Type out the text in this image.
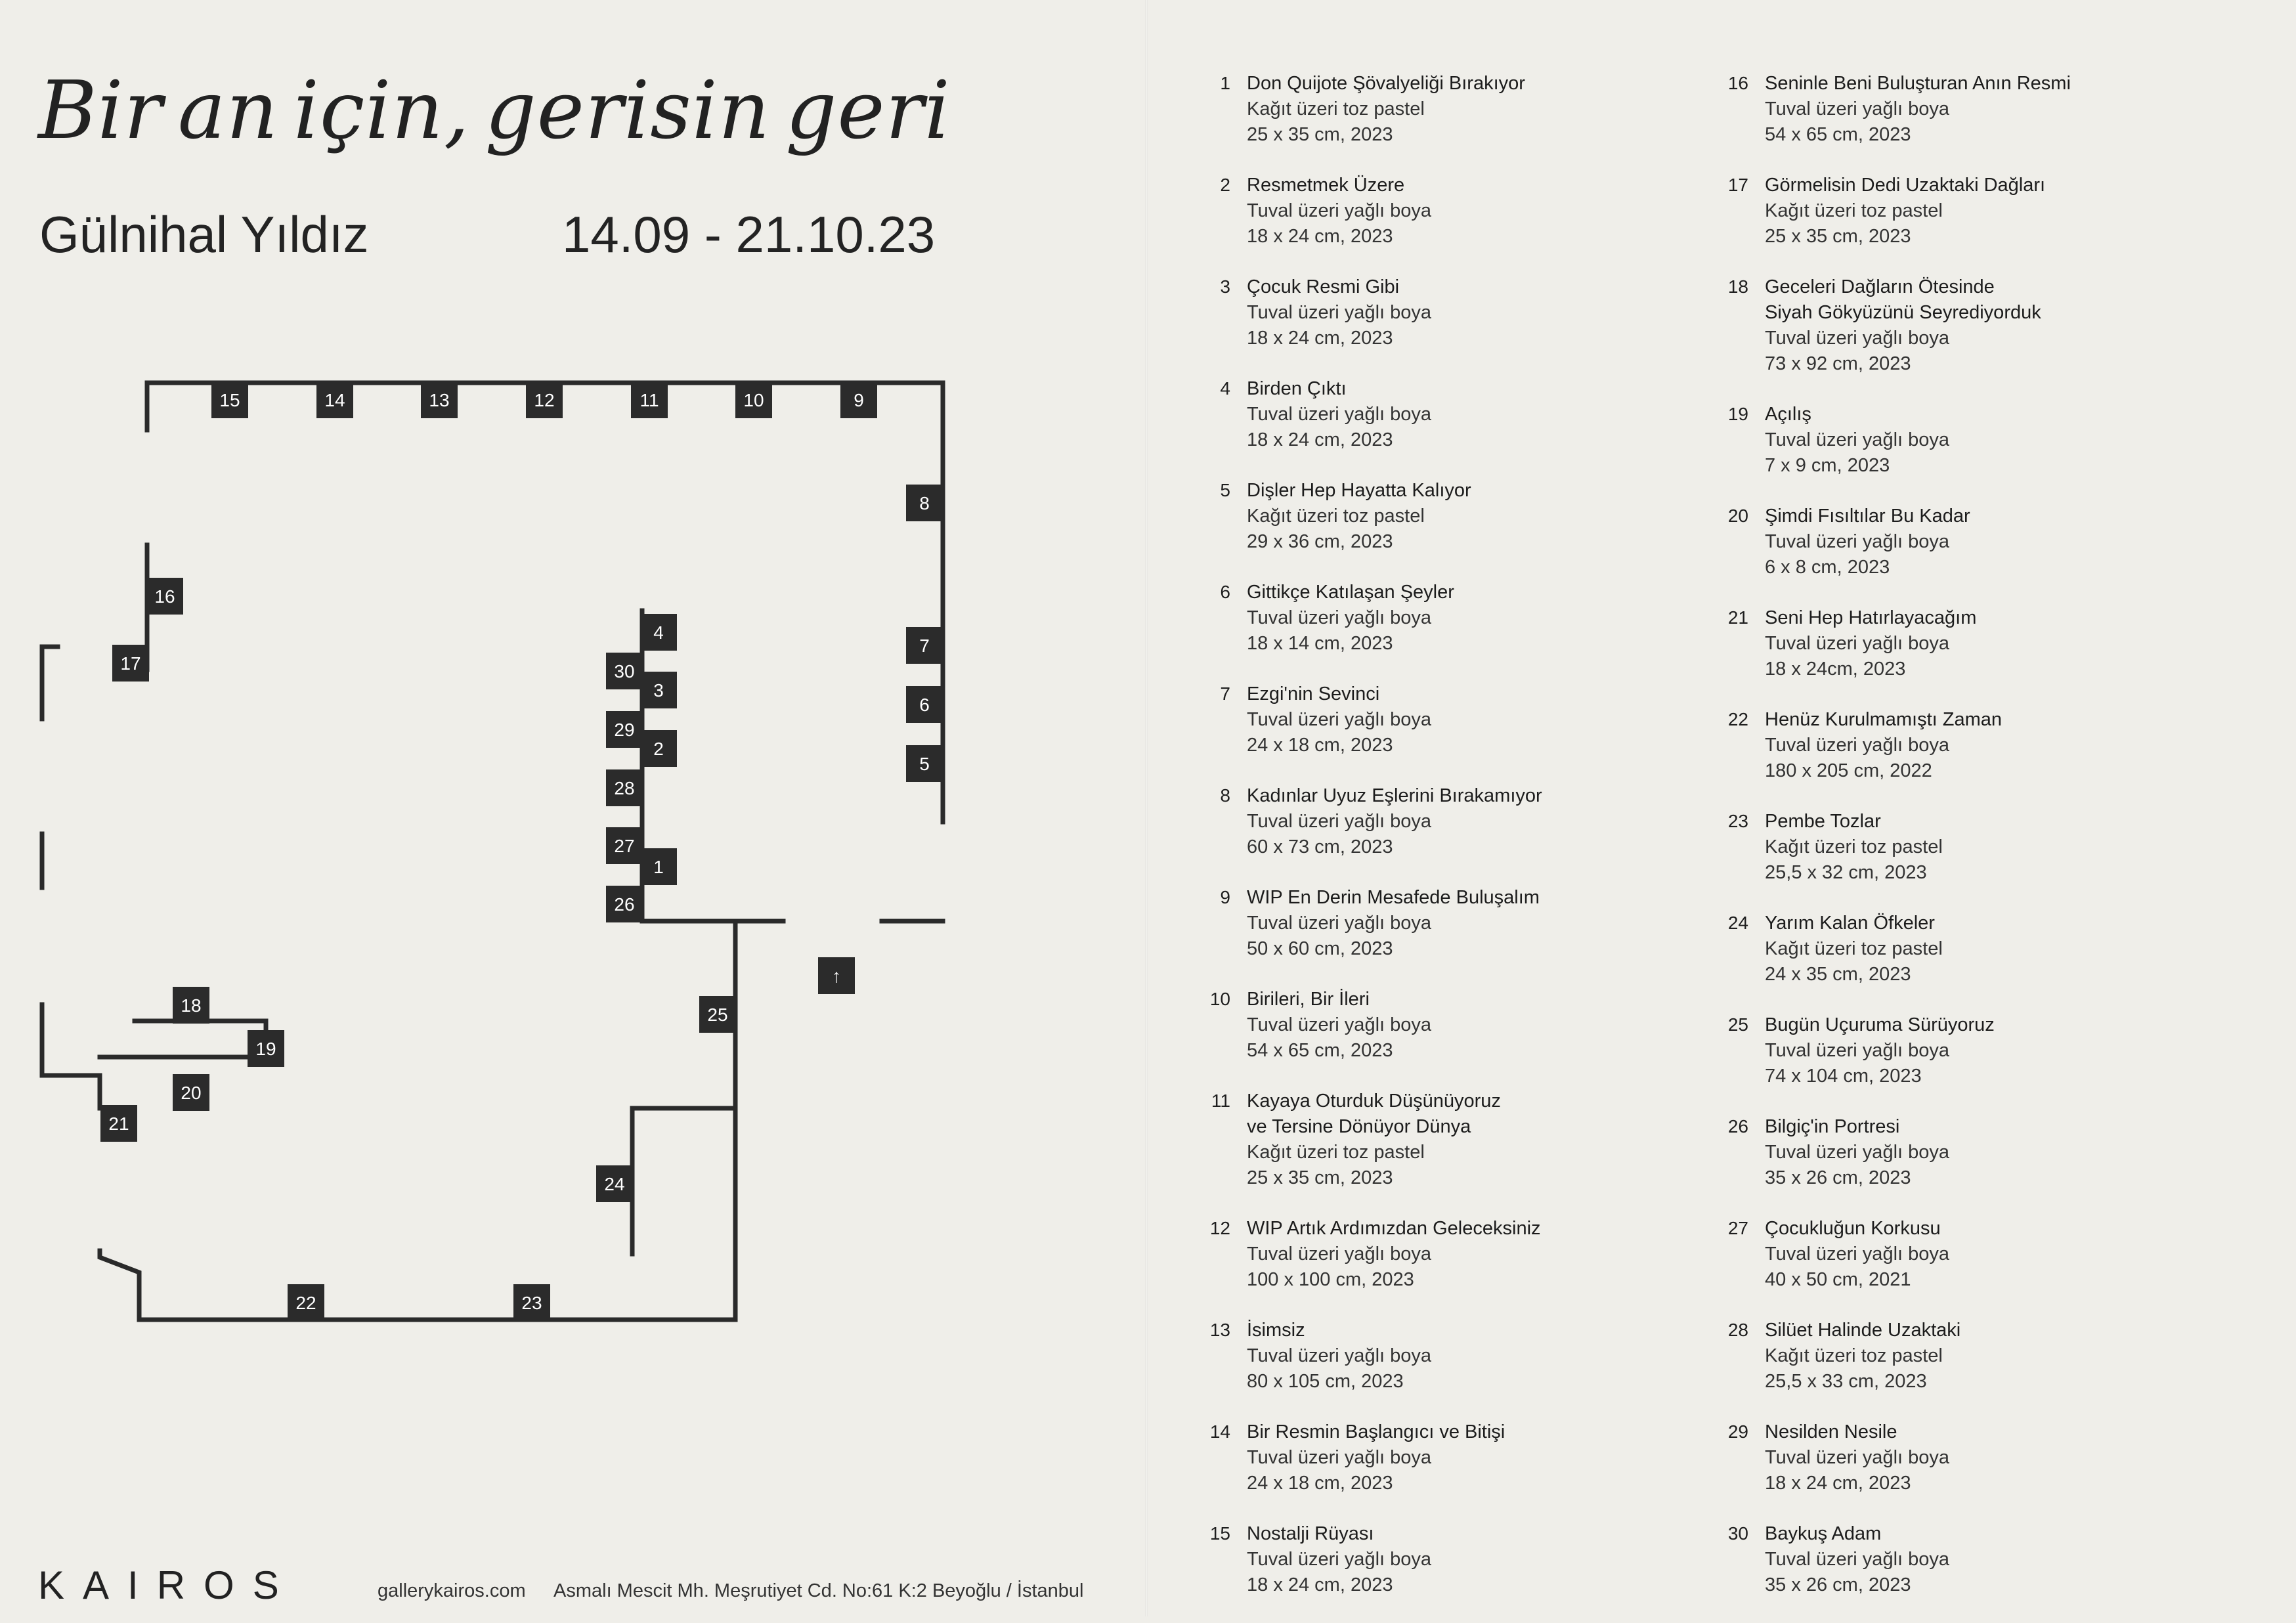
Bir an için, gerisin geri
Gülnihal Yıldız	14.09 - 21.10.23
1
2
3
4
5
6
7
8
9
10
11
12
13
14
15
16
17
18
19
20
21
22	23
24
25
26
27
28
29
30
↑
KAIROS	gallerykairos.com Asmalı Mescit Mh. Meşrutiyet Cd. No:61 K:2 Beyoğlu / İstanbul
1 Don Quijote Şövalyeliği Bırakıyor
Kağıt üzeri toz pastel
25 x 35 cm, 2023
2 Resmetmek Üzere
Tuval üzeri yağlı boya
18 x 24 cm, 2023
3 Çocuk Resmi Gibi
Tuval üzeri yağlı boya
18 x 24 cm, 2023
4 Birden Çıktı
Tuval üzeri yağlı boya
18 x 24 cm, 2023
5 Dişler Hep Hayatta Kalıyor
Kağıt üzeri toz pastel
29 x 36 cm, 2023
6 Gittikçe Katılaşan Şeyler
Tuval üzeri yağlı boya
18 x 14 cm, 2023
7 Ezgi'nin Sevinci
Tuval üzeri yağlı boya
24 x 18 cm, 2023
8 Kadınlar Uyuz Eşlerini Bırakamıyor
Tuval üzeri yağlı boya
60 x 73 cm, 2023
9 WIP En Derin Mesafede Buluşalım
Tuval üzeri yağlı boya
50 x 60 cm, 2023
10 Birileri, Bir İleri
Tuval üzeri yağlı boya
54 x 65 cm, 2023
11 Kayaya Oturduk Düşünüyoruz
ve Tersine Dönüyor Dünya
Kağıt üzeri toz pastel
25 x 35 cm, 2023
12 WIP Artık Ardımızdan Geleceksiniz
Tuval üzeri yağlı boya
100 x 100 cm, 2023
13 İsimsiz
Tuval üzeri yağlı boya
80 x 105 cm, 2023
14 Bir Resmin Başlangıcı ve Bitişi
Tuval üzeri yağlı boya
24 x 18 cm, 2023
15 Nostalji Rüyası
Tuval üzeri yağlı boya
18 x 24 cm, 2023
16 Seninle Beni Buluşturan Anın Resmi
Tuval üzeri yağlı boya
54 x 65 cm, 2023
17 Görmelisin Dedi Uzaktaki Dağları
Kağıt üzeri toz pastel
25 x 35 cm, 2023
18 Geceleri Dağların Ötesinde
Siyah Gökyüzünü Seyrediyorduk
Tuval üzeri yağlı boya
73 x 92 cm, 2023
19 Açılış
Tuval üzeri yağlı boya
7 x 9 cm, 2023
20 Şimdi Fısıltılar Bu Kadar
Tuval üzeri yağlı boya
6 x 8 cm, 2023
21 Seni Hep Hatırlayacağım
Tuval üzeri yağlı boya
18 x 24cm, 2023
22 Henüz Kurulmamıştı Zaman
Tuval üzeri yağlı boya
180 x 205 cm, 2022
23 Pembe Tozlar
Kağıt üzeri toz pastel
25,5 x 32 cm, 2023
24 Yarım Kalan Öfkeler
Kağıt üzeri toz pastel
24 x 35 cm, 2023
25 Bugün Uçuruma Sürüyoruz
Tuval üzeri yağlı boya
74 x 104 cm, 2023
26 Bilgiç'in Portresi
Tuval üzeri yağlı boya
35 x 26 cm, 2023
27 Çocukluğun Korkusu
Tuval üzeri yağlı boya
40 x 50 cm, 2021
28 Silüet Halinde Uzaktaki
Kağıt üzeri toz pastel
25,5 x 33 cm, 2023
29 Nesilden Nesile
Tuval üzeri yağlı boya
18 x 24 cm, 2023
30 Baykuş Adam
Tuval üzeri yağlı boya
35 x 26 cm, 2023
